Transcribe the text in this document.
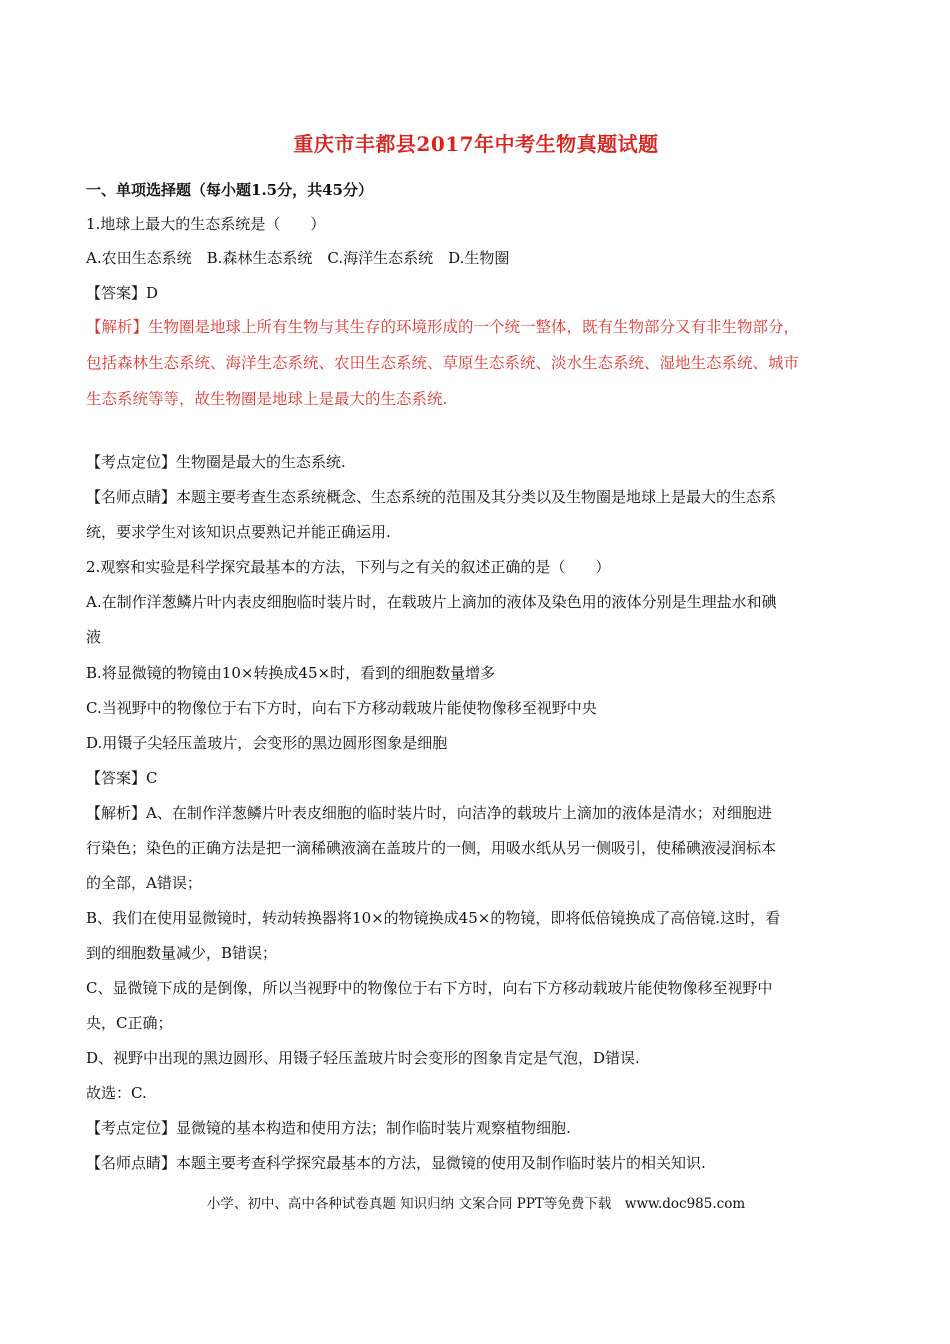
重庆市丰都县2017年中考生物真题试题
一、单项选择题（每小题1.5分，共45分）
1.地球上最大的生态系统是（　　）
A.农田生态系统　B.森林生态系统　C.海洋生态系统　D.生物圈
【答案】D
【解析】生物圈是地球上所有生物与其生存的环境形成的一个统一整体，既有生物部分又有非生物部分，
包括森林生态系统、海洋生态系统、农田生态系统、草原生态系统、淡水生态系统、湿地生态系统、城市
生态系统等等，故生物圈是地球上是最大的生态系统.
【考点定位】生物圈是最大的生态系统.
【名师点睛】本题主要考查生态系统概念、生态系统的范围及其分类以及生物圈是地球上是最大的生态系
统，要求学生对该知识点要熟记并能正确运用.
2.观察和实验是科学探究最基本的方法，下列与之有关的叙述正确的是（　　）
A.在制作洋葱鳞片叶内表皮细胞临时装片时，在载玻片上滴加的液体及染色用的液体分别是生理盐水和碘
液
B.将显微镜的物镜由10×转换成45×时，看到的细胞数量增多
C.当视野中的物像位于右下方时，向右下方移动载玻片能使物像移至视野中央
D.用镊子尖轻压盖玻片，会变形的黑边圆形图象是细胞
【答案】C
【解析】A、在制作洋葱鳞片叶表皮细胞的临时装片时，向洁净的载玻片上滴加的液体是清水；对细胞进
行染色；染色的正确方法是把一滴稀碘液滴在盖玻片的一侧，用吸水纸从另一侧吸引，使稀碘液浸润标本
的全部，A错误；
B、我们在使用显微镜时，转动转换器将10×的物镜换成45×的物镜，即将低倍镜换成了高倍镜.这时，看
到的细胞数量减少，B错误；
C、显微镜下成的是倒像，所以当视野中的物像位于右下方时，向右下方移动载玻片能使物像移至视野中
央，C正确；
D、视野中出现的黑边圆形、用镊子轻压盖玻片时会变形的图象肯定是气泡，D错误.
故选：C.
【考点定位】显微镜的基本构造和使用方法；制作临时装片观察植物细胞.
【名师点睛】本题主要考查科学探究最基本的方法，显微镜的使用及制作临时装片的相关知识.
小学、初中、高中各种试卷真题 知识归纳 文案合同 PPT等免费下载　www.doc985.com
